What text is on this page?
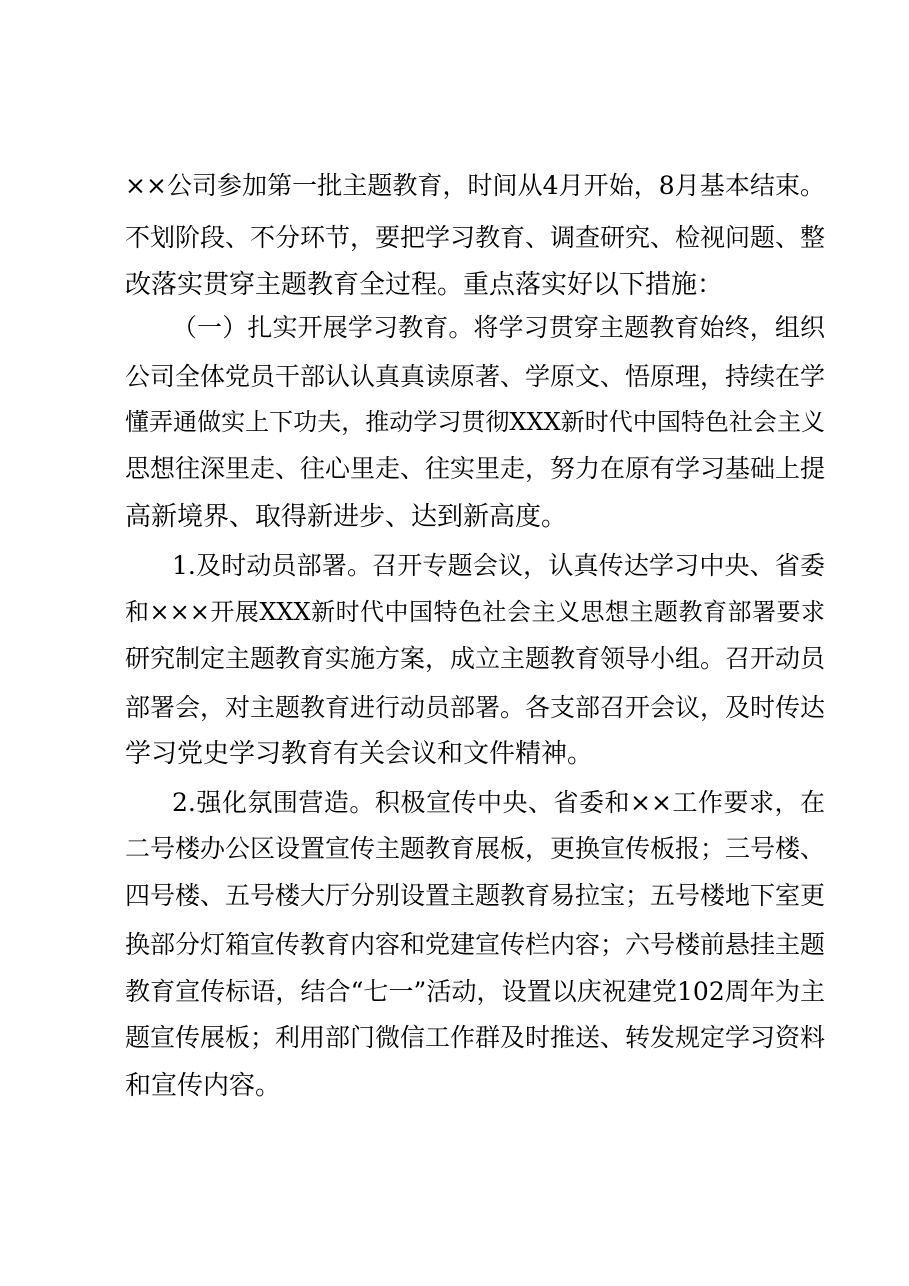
××公司参加第一批主题教育，时间从4月开始，8月基本结束。
不划阶段、不分环节，要把学习教育、调查研究、检视问题、整
改落实贯穿主题教育全过程。重点落实好以下措施：
（一）扎实开展学习教育。将学习贯穿主题教育始终，组织
公司全体党员干部认认真真读原著、学原文、悟原理，持续在学
懂弄通做实上下功夫，推动学习贯彻XXX新时代中国特色社会主义
思想往深里走、往心里走、往实里走，努力在原有学习基础上提
高新境界、取得新进步、达到新高度。
1.及时动员部署。召开专题会议，认真传达学习中央、省委
和×××开展XXX新时代中国特色社会主义思想主题教育部署要求
研究制定主题教育实施方案，成立主题教育领导小组。召开动员
部署会，对主题教育进行动员部署。各支部召开会议，及时传达
学习党史学习教育有关会议和文件精神。
2.强化氛围营造。积极宣传中央、省委和××工作要求，在
二号楼办公区设置宣传主题教育展板，更换宣传板报；三号楼、
四号楼、五号楼大厅分别设置主题教育易拉宝；五号楼地下室更
换部分灯箱宣传教育内容和党建宣传栏内容；六号楼前悬挂主题
教育宣传标语，结合“七一”活动，设置以庆祝建党102周年为主
题宣传展板；利用部门微信工作群及时推送、转发规定学习资料
和宣传内容。
